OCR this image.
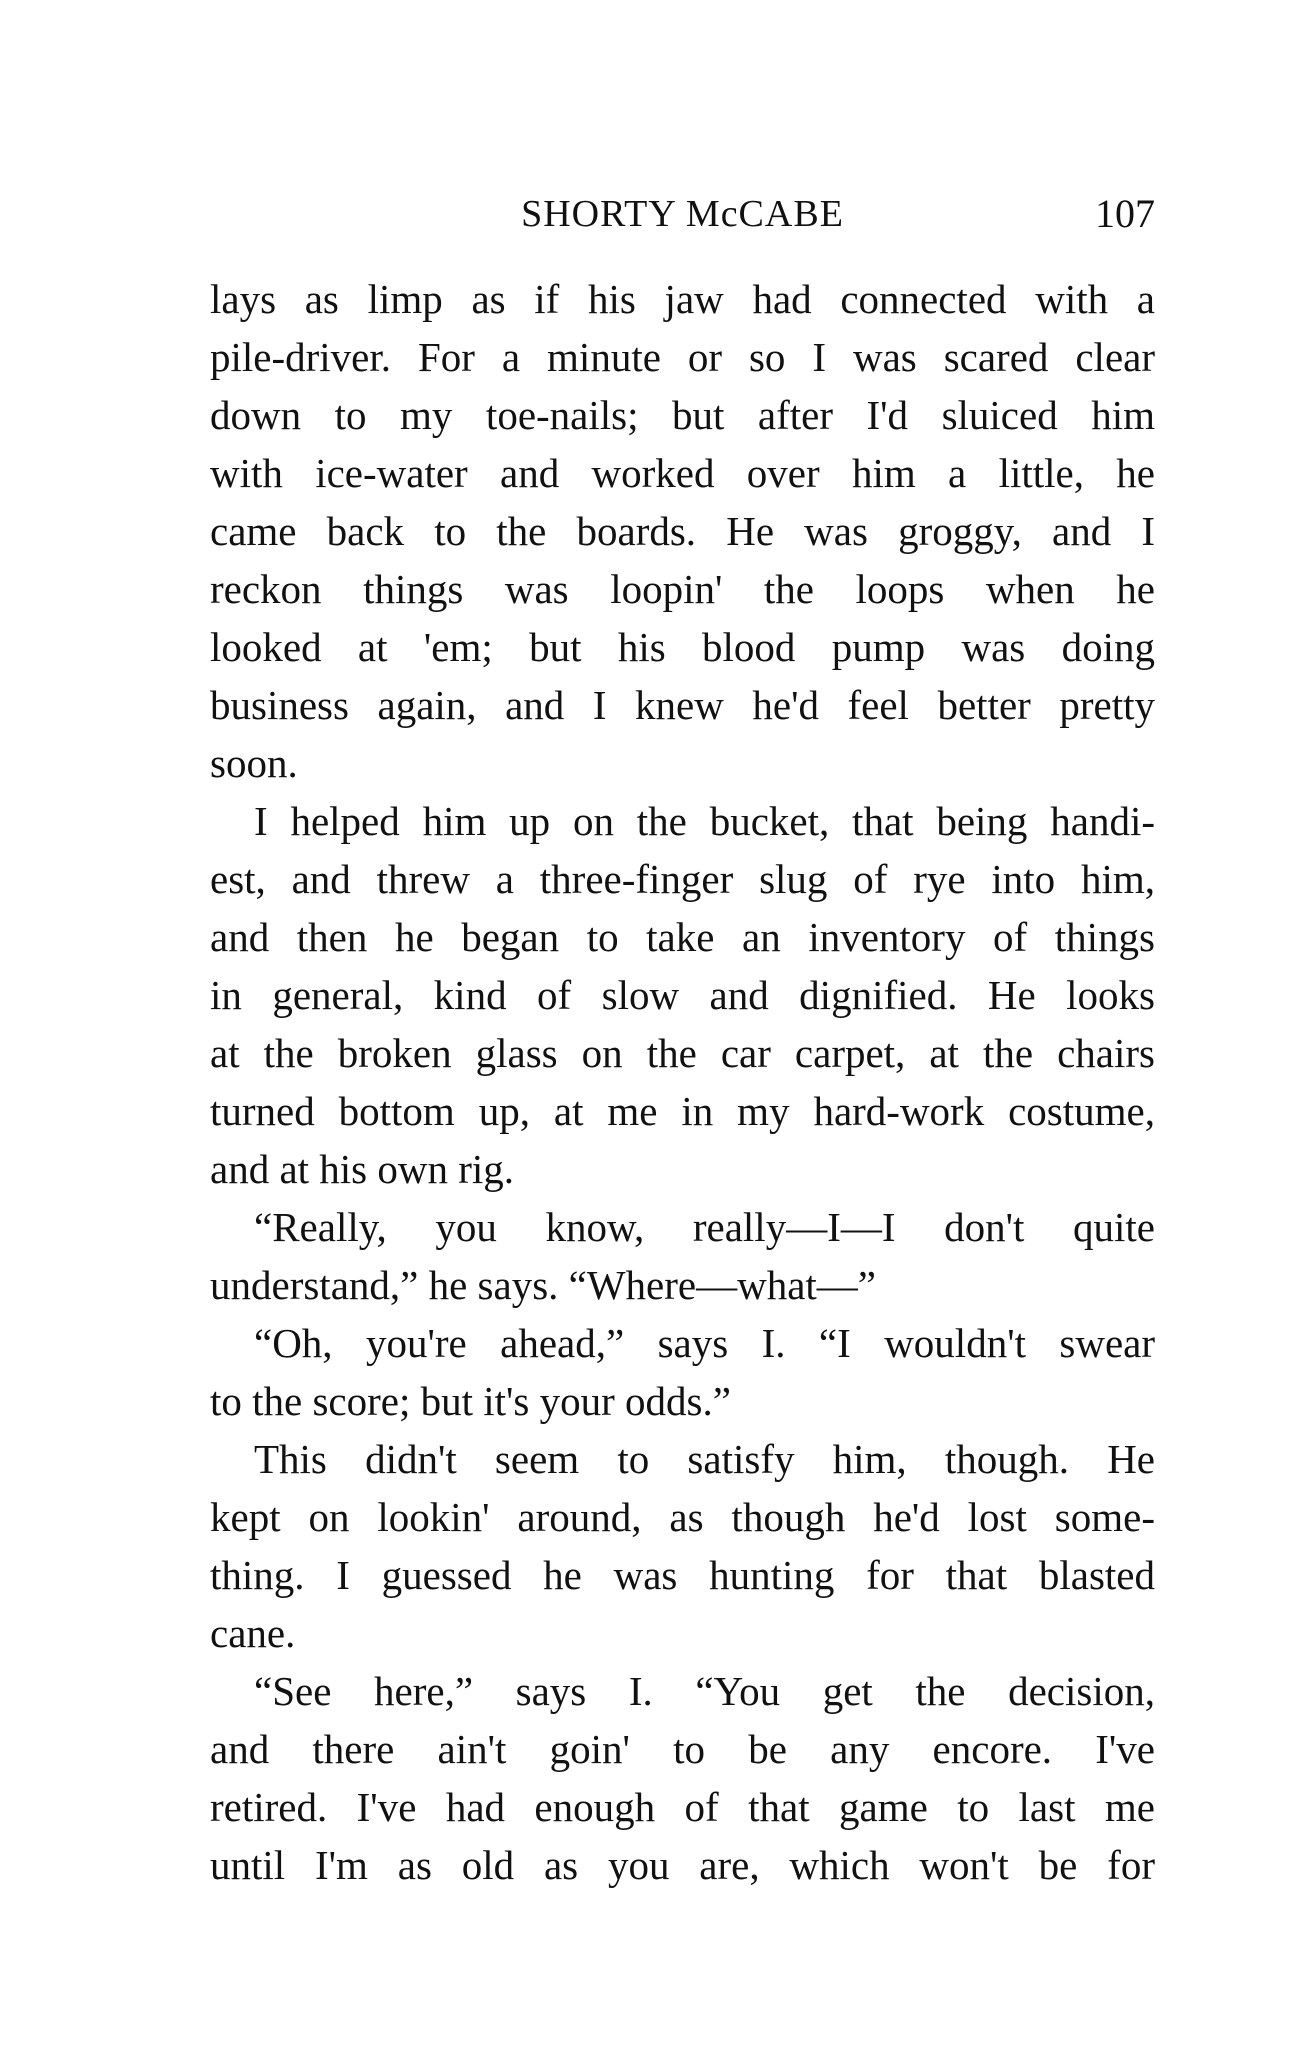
SHORTY McCABE	107
lays as limp as if his jaw had connected with a
pile-driver. For a minute or so I was scared clear
down to my toe-nails; but after I'd sluiced him
with ice-water and worked over him a little, he
came back to the boards. He was groggy, and I
reckon things was loopin' the loops when he
looked at 'em; but his blood pump was doing
business again, and I knew he'd feel better pretty
soon.
I helped him up on the bucket, that being handi-
est, and threw a three-finger slug of rye into him,
and then he began to take an inventory of things
in general, kind of slow and dignified. He looks
at the broken glass on the car carpet, at the chairs
turned bottom up, at me in my hard-work costume,
and at his own rig.
“Really, you know, really—I—I don't quite
understand,” he says. “Where—what—”
“Oh, you're ahead,” says I. “I wouldn't swear
to the score; but it's your odds.”
This didn't seem to satisfy him, though. He
kept on lookin' around, as though he'd lost some-
thing. I guessed he was hunting for that blasted
cane.
“See here,” says I. “You get the decision,
and there ain't goin' to be any encore. I've
retired. I've had enough of that game to last me
until I'm as old as you are, which won't be for
